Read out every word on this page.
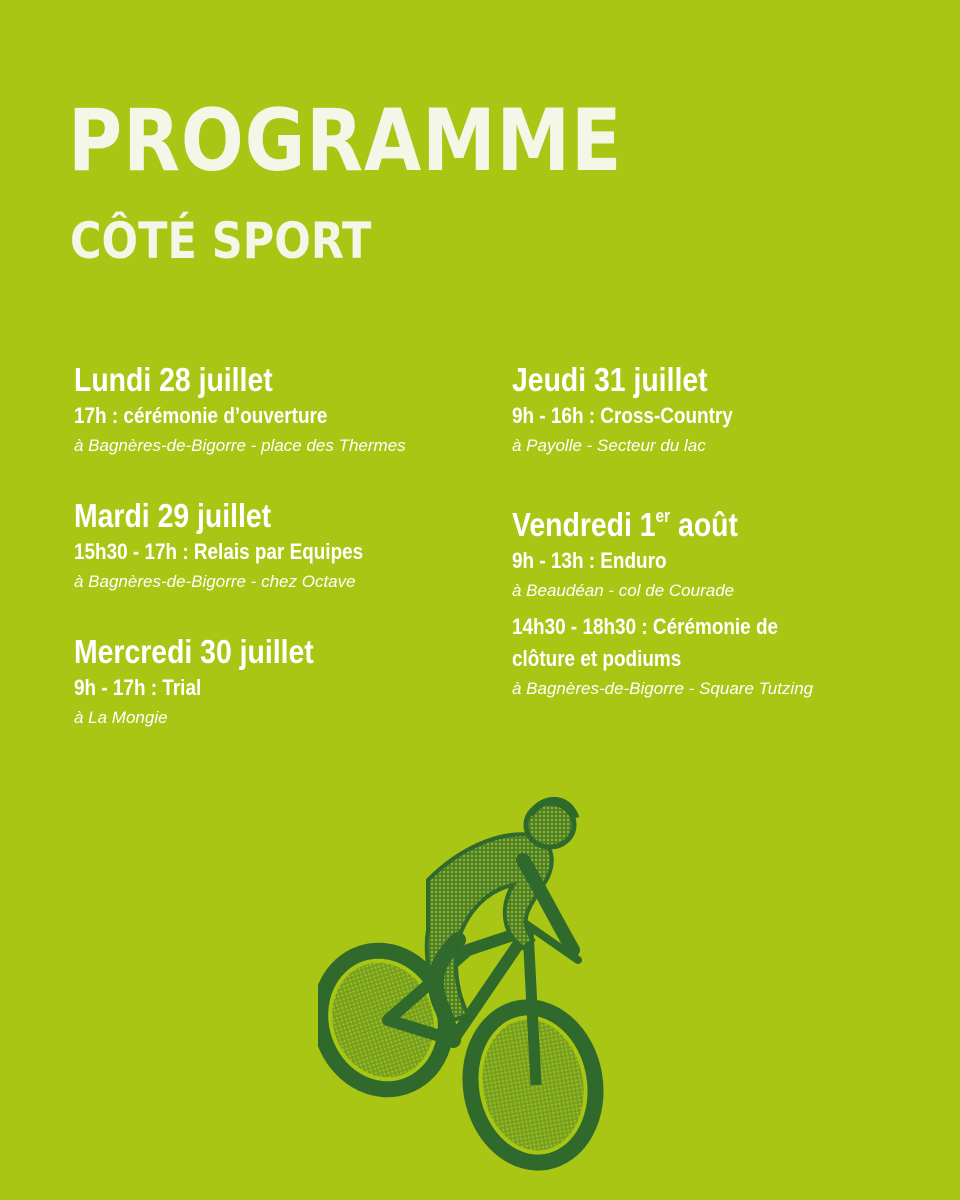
PROGRAMME
CÔTÉ SPORT

Lundi 28 juillet

17h : cérémonie d’ouverture

à Bagnères-de-Bigorre - place des Thermes

Mardi 29 juillet

15h30 - 17h : Relais par Equipes

à Bagnères-de-Bigorre - chez Octave

Mercredi 30 juillet

9h - 17h : Trial

à La Mongie

Jeudi 31 juillet

9h - 16h : Cross-Country

à Payolle - Secteur du lac

Vendredi 1er août

9h - 13h : Enduro

à Beaudéan - col de Courade

14h30 - 18h30 : Cérémonie de

clôture et podiums

à Bagnères-de-Bigorre - Square Tutzing
